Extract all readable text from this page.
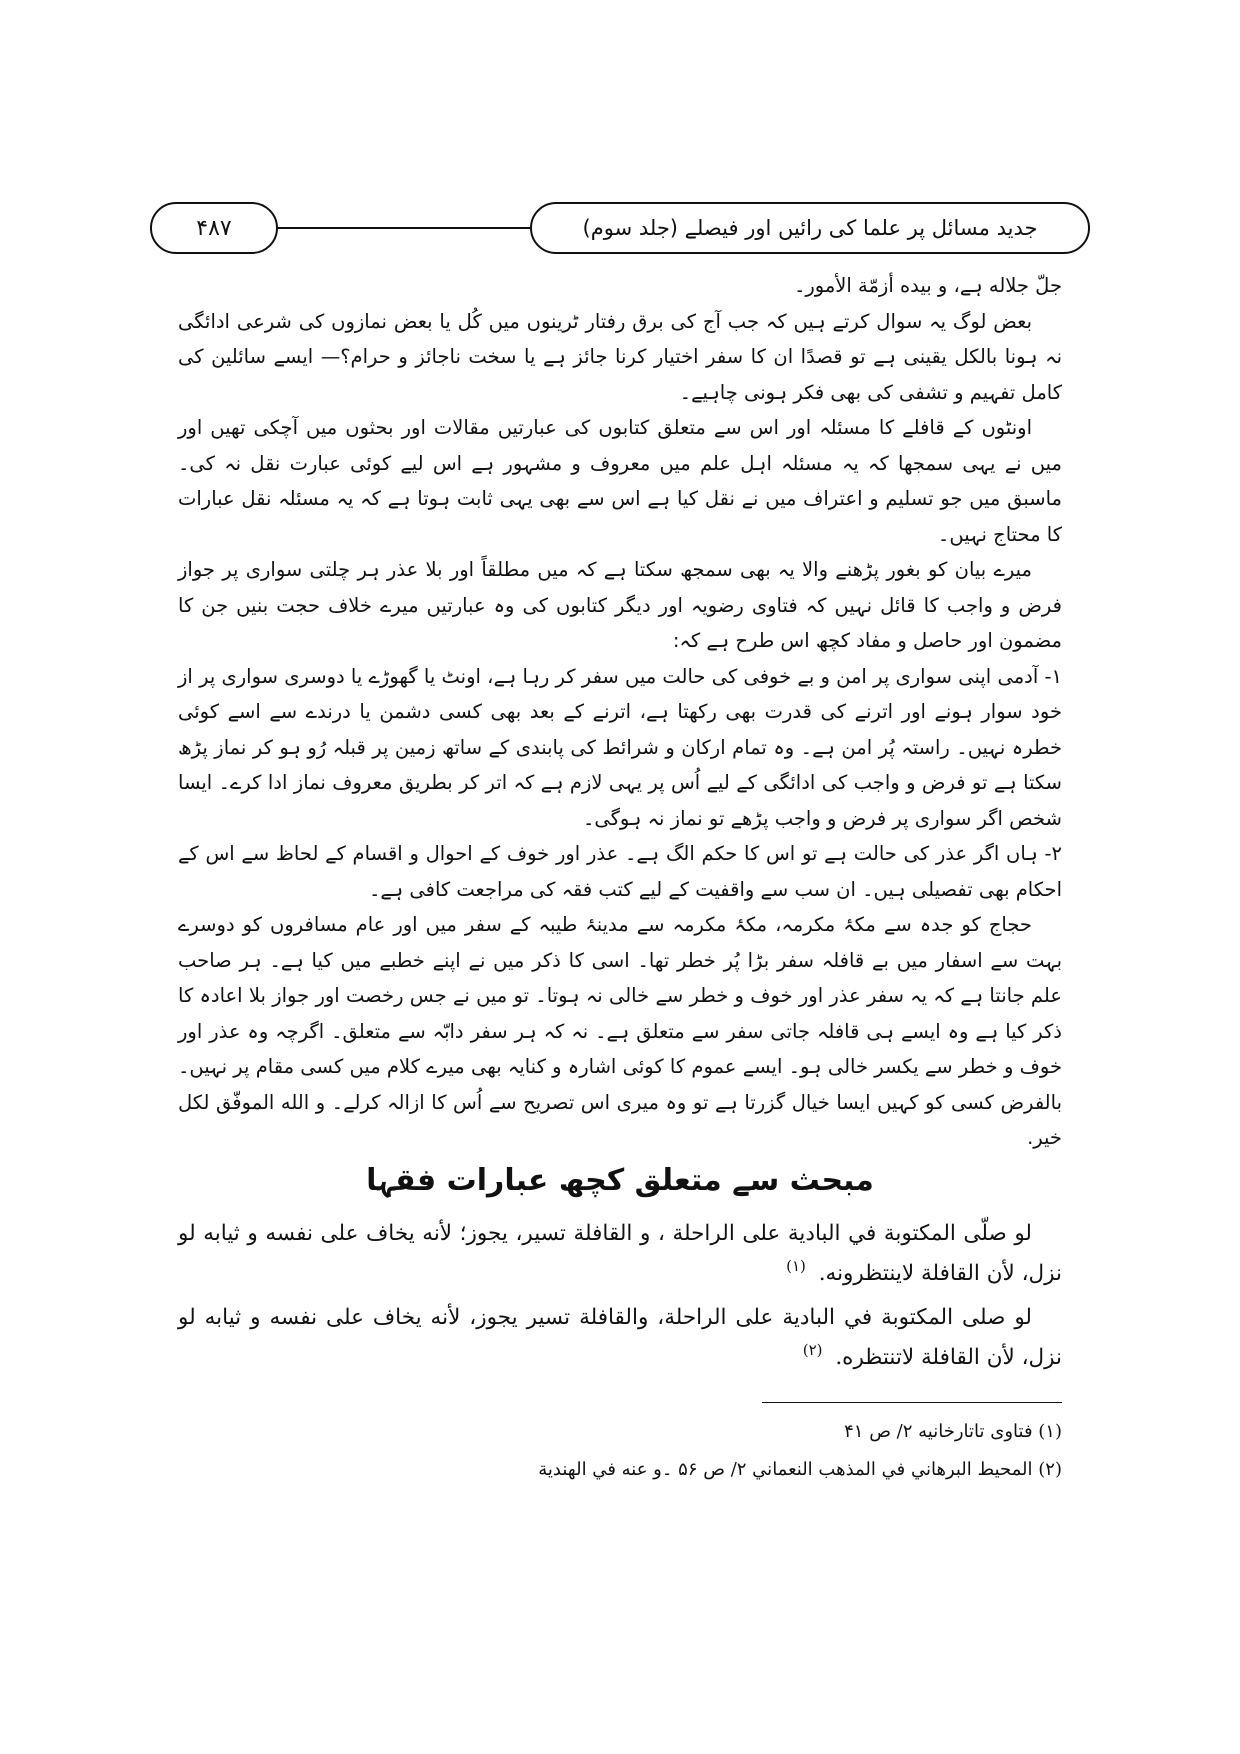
۴۸۷	جدید مسائل پر علما کی رائیں اور فیصلے (جلد سوم)

جلّ جلاله ہے، و بیده أزمّة الأمور۔

بعض لوگ یہ سوال کرتے ہیں کہ جب آج کی برق رفتار ٹرینوں میں کُل یا بعض نمازوں کی شرعی ادائگی نہ ہونا بالکل یقینی ہے تو قصدًا ان کا سفر اختیار کرنا جائز ہے یا سخت ناجائز و حرام؟— ایسے سائلین کی کامل تفہیم و تشفی کی بھی فکر ہونی چاہیے۔

اونٹوں کے قافلے کا مسئلہ اور اس سے متعلق کتابوں کی عبارتیں مقالات اور بحثوں میں آچکی تھیں اور میں نے یہی سمجھا کہ یہ مسئلہ اہل علم میں معروف و مشہور ہے اس لیے کوئی عبارت نقل نہ کی۔ ماسبق میں جو تسلیم و اعتراف میں نے نقل کیا ہے اس سے بھی یہی ثابت ہوتا ہے کہ یہ مسئلہ نقل عبارات کا محتاج نہیں۔

میرے بیان کو بغور پڑھنے والا یہ بھی سمجھ سکتا ہے کہ میں مطلقاً اور بلا عذر ہر چلتی سواری پر جواز فرض و واجب کا قائل نہیں کہ فتاوی رضویہ اور دیگر کتابوں کی وہ عبارتیں میرے خلاف حجت بنیں جن کا مضمون اور حاصل و مفاد کچھ اس طرح ہے کہ:

۱- آدمی اپنی سواری پر امن و بے خوفی کی حالت میں سفر کر رہا ہے، اونٹ یا گھوڑے یا دوسری سواری پر از خود سوار ہونے اور اترنے کی قدرت بھی رکھتا ہے، اترنے کے بعد بھی کسی دشمن یا درندے سے اسے کوئی خطرہ نہیں۔ راستہ پُر امن ہے۔ وہ تمام ارکان و شرائط کی پابندی کے ساتھ زمین پر قبلہ رُو ہو کر نماز پڑھ سکتا ہے تو فرض و واجب کی ادائگی کے لیے اُس پر یہی لازم ہے کہ اتر کر بطریق معروف نماز ادا کرے۔ ایسا شخص اگر سواری پر فرض و واجب پڑھے تو نماز نہ ہوگی۔

۲- ہاں اگر عذر کی حالت ہے تو اس کا حکم الگ ہے۔ عذر اور خوف کے احوال و اقسام کے لحاظ سے اس کے احکام بھی تفصیلی ہیں۔ ان سب سے واقفیت کے لیے کتب فقہ کی مراجعت کافی ہے۔

حجاج کو جدہ سے مکۂ مکرمہ، مکۂ مکرمہ سے مدینۂ طیبہ کے سفر میں اور عام مسافروں کو دوسرے بہت سے اسفار میں بے قافلہ سفر بڑا پُر خطر تھا۔ اسی کا ذکر میں نے اپنے خطبے میں کیا ہے۔ ہر صاحب علم جانتا ہے کہ یہ سفر عذر اور خوف و خطر سے خالی نہ ہوتا۔ تو میں نے جس رخصت اور جواز بلا اعادہ کا ذکر کیا ہے وہ ایسے ہی قافلہ جاتی سفر سے متعلق ہے۔ نہ کہ ہر سفر دابّہ سے متعلق۔ اگرچہ وہ عذر اور خوف و خطر سے یکسر خالی ہو۔ ایسے عموم کا کوئی اشارہ و کنایہ بھی میرے کلام میں کسی مقام پر نہیں۔ بالفرض کسی کو کہیں ایسا خیال گزرتا ہے تو وہ میری اس تصریح سے اُس کا ازالہ کرلے۔ و الله الموفّق لکل خیر.

مبحث سے متعلق کچھ عبارات فقہا

لو صلّى المكتوبة في البادية على الراحلة ، و القافلة تسير، يجوز؛ لأنه يخاف على نفسه و ثيابه لو نزل، لأن القافلة لاينتظرونه. $^{(۱)}$

لو صلى المكتوبة في البادية على الراحلة، والقافلة تسير يجوز، لأنه يخاف على نفسه و ثيابه لو نزل، لأن القافلة لاتنتظره. $^{(۲)}$

(۱) فتاوی تاتارخانیه ۲/ ص ۴۱

(۲) المحيط البرهاني في المذهب النعماني ۲/ ص ۵۶ ۔و عنه في الهندية
